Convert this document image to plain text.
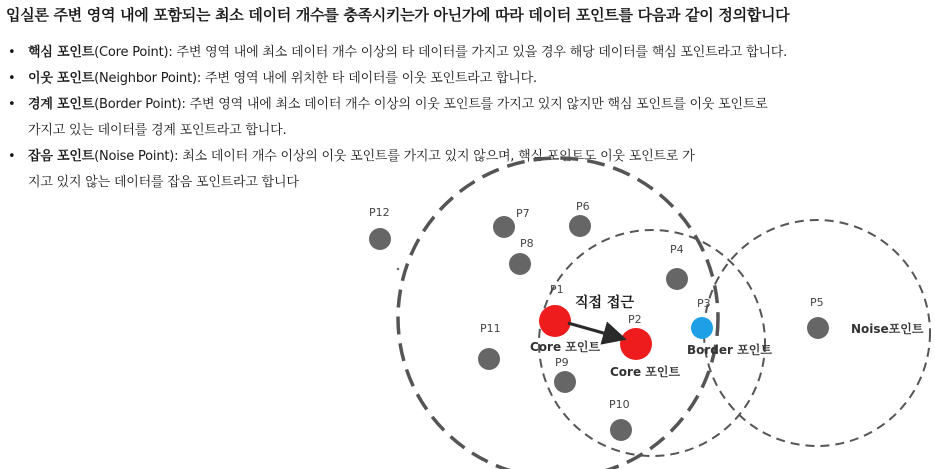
입실론 주변 영역 내에 포함되는 최소 데이터 개수를 충족시키는가 아닌가에 따라 데이터 포인트를 다음과 같이 정의합니다
• 핵심 포인트(Core Point): 주변 영역 내에 최소 데이터 개수 이상의 타 데이터를 가지고 있을 경우 해당 데이터를 핵심 포인트라고 합니다.
• 이웃 포인트(Neighbor Point): 주변 영역 내에 위치한 타 데이터를 이웃 포인트라고 합니다.
• 경계 포인트(Border Point): 주변 영역 내에 최소 데이터 개수 이상의 이웃 포인트를 가지고 있지 않지만 핵심 포인트를 이웃 포인트로
가지고 있는 데이터를 경계 포인트라고 합니다.
• 잡음 포인트(Noise Point): 최소 데이터 개수 이상의 이웃 포인트를 가지고 있지 않으며, 핵심 포인트도 이웃 포인트로 가
지고 있지 않는 데이터를 잡음 포인트라고 합니다
P12	P7
P6
P8	P4
P1
P2
P3	P5
P11
P9
P10
직접 접근
Core 포인트
Core 포인트
Border 포인트
Noise포인트
